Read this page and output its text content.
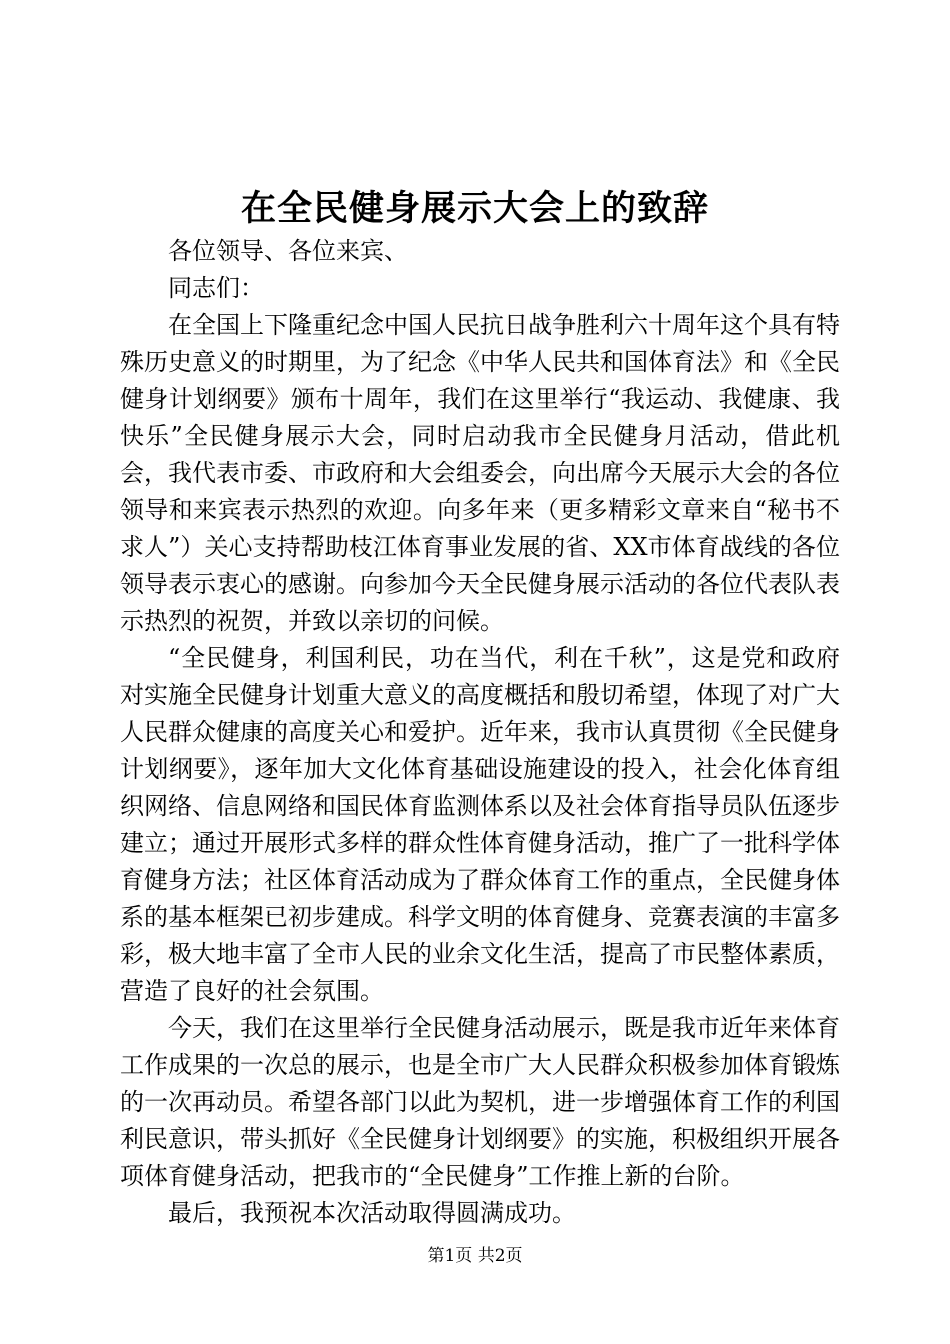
在全民健身展示大会上的致辞

各位领导、各位来宾、

同志们：

在全国上下隆重纪念中国人民抗日战争胜利六十周年这个具有特殊历史意义的时期里，为了纪念《中华人民共和国体育法》和《全民健身计划纲要》颁布十周年，我们在这里举行“我运动、我健康、我快乐”全民健身展示大会，同时启动我市全民健身月活动，借此机会，我代表市委、市政府和大会组委会，向出席今天展示大会的各位领导和来宾表示热烈的欢迎。向多年来（更多精彩文章来自“秘书不求人”）关心支持帮助枝江体育事业发展的省、XX市体育战线的各位领导表示衷心的感谢。向参加今天全民健身展示活动的各位代表队表示热烈的祝贺，并致以亲切的问候。

“全民健身，利国利民，功在当代，利在千秋”，这是党和政府对实施全民健身计划重大意义的高度概括和殷切希望，体现了对广大人民群众健康的高度关心和爱护。近年来，我市认真贯彻《全民健身计划纲要》，逐年加大文化体育基础设施建设的投入，社会化体育组织网络、信息网络和国民体育监测体系以及社会体育指导员队伍逐步建立；通过开展形式多样的群众性体育健身活动，推广了一批科学体育健身方法；社区体育活动成为了群众体育工作的重点，全民健身体系的基本框架已初步建成。科学文明的体育健身、竞赛表演的丰富多彩，极大地丰富了全市人民的业余文化生活，提高了市民整体素质，营造了良好的社会氛围。

今天，我们在这里举行全民健身活动展示，既是我市近年来体育工作成果的一次总的展示，也是全市广大人民群众积极参加体育锻炼的一次再动员。希望各部门以此为契机，进一步增强体育工作的利国利民意识，带头抓好《全民健身计划纲要》的实施，积极组织开展各项体育健身活动，把我市的“全民健身”工作推上新的台阶。

最后，我预祝本次活动取得圆满成功。

第1页 共2页
